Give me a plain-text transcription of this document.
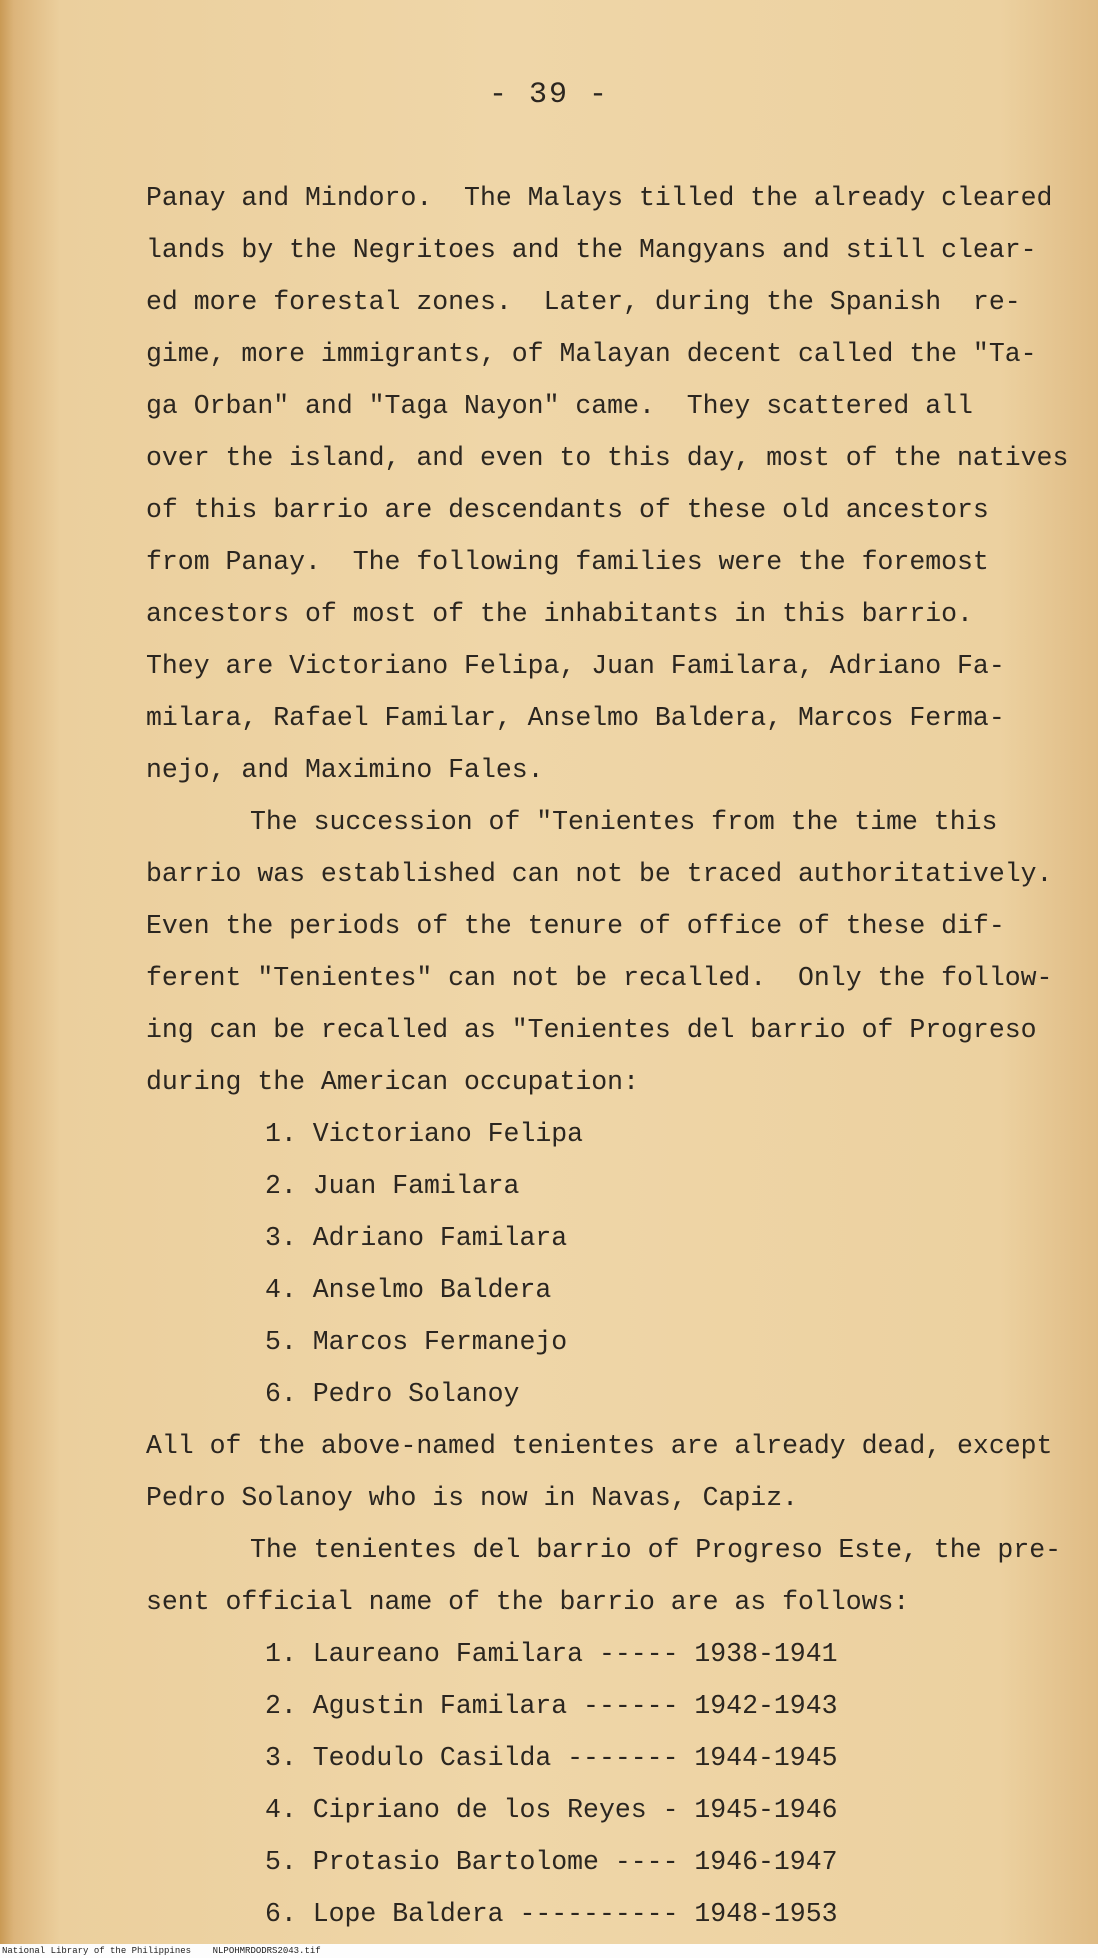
- 39 -
Panay and Mindoro.  The Malays tilled the already cleared
lands by the Negritoes and the Mangyans and still clear-
ed more forestal zones.  Later, during the Spanish  re-
gime, more immigrants, of Malayan decent called the "Ta-
ga Orban" and "Taga Nayon" came.  They scattered all
over the island, and even to this day, most of the natives
of this barrio are descendants of these old ancestors
from Panay.  The following families were the foremost
ancestors of most of the inhabitants in this barrio.
They are Victoriano Felipa, Juan Familara, Adriano Fa-
milara, Rafael Familar, Anselmo Baldera, Marcos Ferma-
nejo, and Maximino Fales.
The succession of "Tenientes from the time this
barrio was established can not be traced authoritatively.
Even the periods of the tenure of office of these dif-
ferent "Tenientes" can not be recalled.  Only the follow-
ing can be recalled as "Tenientes del barrio of Progreso
during the American occupation:
1. Victoriano Felipa
2. Juan Familara
3. Adriano Familara
4. Anselmo Baldera
5. Marcos Fermanejo
6. Pedro Solanoy
All of the above-named tenientes are already dead, except
Pedro Solanoy who is now in Navas, Capiz.
The tenientes del barrio of Progreso Este, the pre-
sent official name of the barrio are as follows:
1. Laureano Familara ----- 1938-1941
2. Agustin Familara ------ 1942-1943
3. Teodulo Casilda ------- 1944-1945
4. Cipriano de los Reyes - 1945-1946
5. Protasio Bartolome ---- 1946-1947
6. Lope Baldera ---------- 1948-1953
National Library of the Philippines    NLPOHMRDODRS2043.tif
